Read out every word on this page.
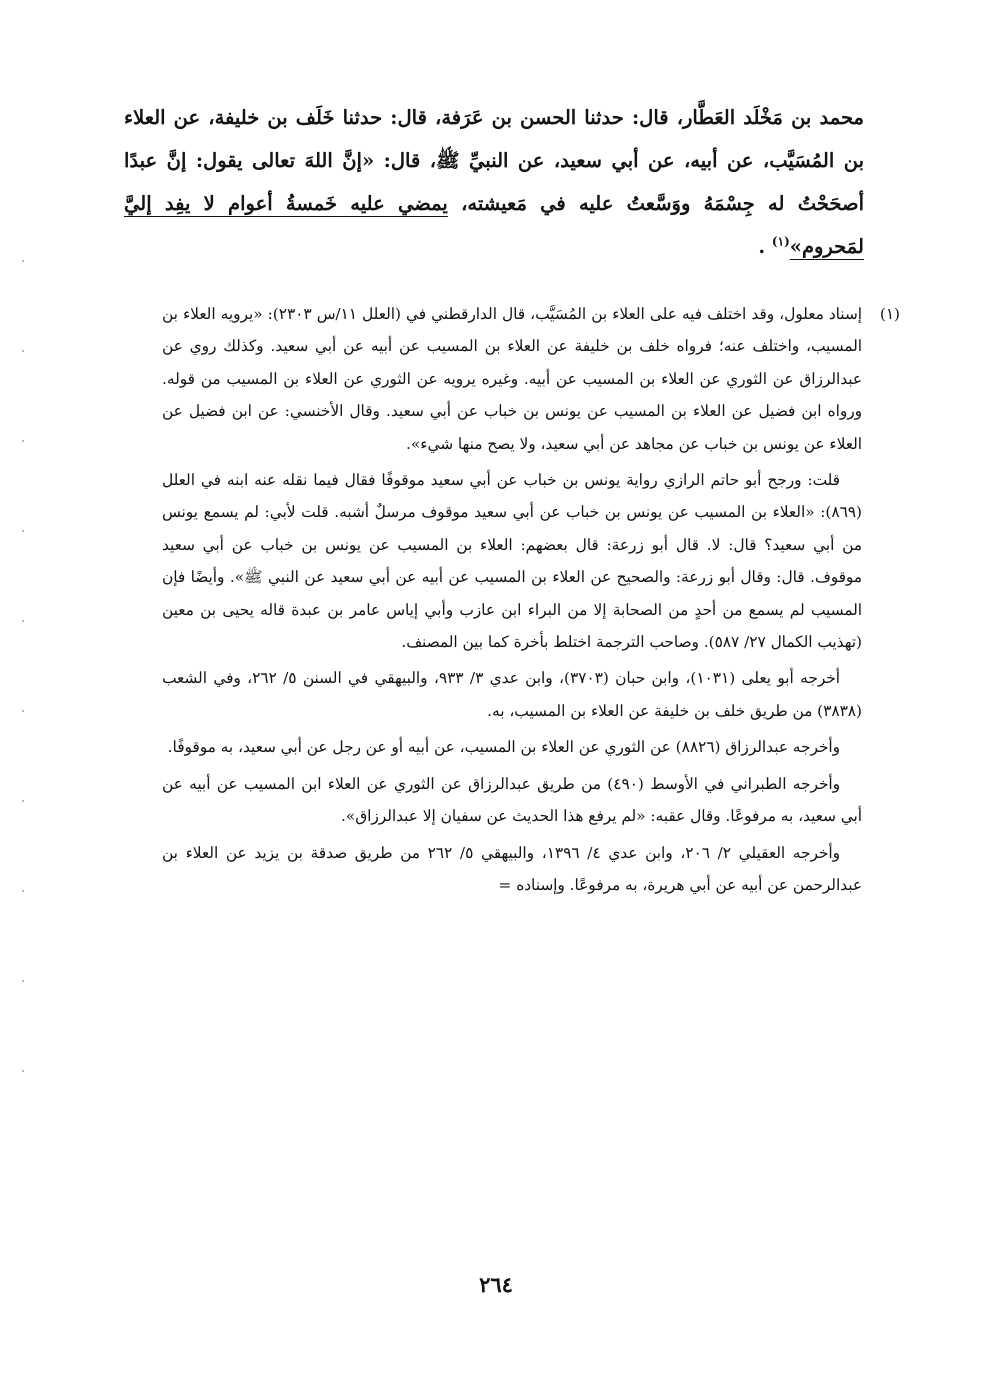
محمد بن مَخْلَد العَطَّار، قال: حدثنا الحسن بن عَرَفة، قال: حدثنا خَلَف بن خليفة، عن العلاء بن المُسَيَّب، عن أبيه، عن أبي سعيد، عن النبيِّ ﷺ، قال: «إنَّ اللهَ تعالى يقول: إنَّ عبدًا أصحَحْتُ له جِسْمَهُ ووَسَّعتُ عليه في مَعيشته، يمضي عليه خَمسةُ أعوام لا يفِد إليَّ لمَحروم»$^{(١)}$ .

(١)
إسناد معلول، وقد اختلف فيه على العلاء بن المُسَيَّب، قال الدارقطني في (العلل ١١/س ٢٣٠٣): «يرويه العلاء بن المسيب، واختلف عنه؛ فرواه خلف بن خليفة عن العلاء بن المسيب عن أبيه عن أبي سعيد. وكذلك روي عن عبدالرزاق عن الثوري عن العلاء بن المسيب عن أبيه. وغيره يرويه عن الثوري عن العلاء بن المسيب من قوله. ورواه ابن فضيل عن العلاء بن المسيب عن يونس بن خباب عن أبي سعيد. وقال الأخنسي: عن ابن فضيل عن العلاء عن يونس بن خباب عن مجاهد عن أبي سعيد، ولا يصح منها شيء».

قلت: ورجح أبو حاتم الرازي رواية يونس بن خباب عن أبي سعيد موقوفًا فقال فيما نقله عنه ابنه في العلل (٨٦٩): «العلاء بن المسيب عن يونس بن خباب عن أبي سعيد موقوف مرسلٌ أشبه. قلت لأبي: لم يسمع يونس من أبي سعيد؟ قال: لا. قال أبو زرعة: قال بعضهم: العلاء بن المسيب عن يونس بن خباب عن أبي سعيد موقوف. قال: وقال أبو زرعة: والصحيح عن العلاء بن المسيب عن أبيه عن أبي سعيد عن النبي ﷺ». وأيضًا فإن المسيب لم يسمع من أحدٍ من الصحابة إلا من البراء ابن عازب وأبي إياس عامر بن عبدة قاله يحيى بن معين (تهذيب الكمال ٢٧/ ٥٨٧). وصاحب الترجمة اختلط بأخرة كما بين المصنف.

أخرجه أبو يعلى (١٠٣١)، وابن حبان (٣٧٠٣)، وابن عدي ٣/ ٩٣٣، والبيهقي في السنن ٥/ ٢٦٢، وفي الشعب (٣٨٣٨) من طريق خلف بن خليفة عن العلاء بن المسيب، به.

وأخرجه عبدالرزاق (٨٨٢٦) عن الثوري عن العلاء بن المسيب، عن أبيه أو عن رجل عن أبي سعيد، به موقوفًا.

وأخرجه الطبراني في الأوسط (٤٩٠) من طريق عبدالرزاق عن الثوري عن العلاء ابن المسيب عن أبيه عن أبي سعيد، به مرفوعًا. وقال عقبه: «لم يرفع هذا الحديث عن سفيان إلا عبدالرزاق».

وأخرجه العقيلي ٢/ ٢٠٦، وابن عدي ٤/ ١٣٩٦، والبيهقي ٥/ ٢٦٢ من طريق صدقة بن يزيد عن العلاء بن عبدالرحمن عن أبيه عن أبي هريرة، به مرفوعًا. وإسناده =

٢٦٤
